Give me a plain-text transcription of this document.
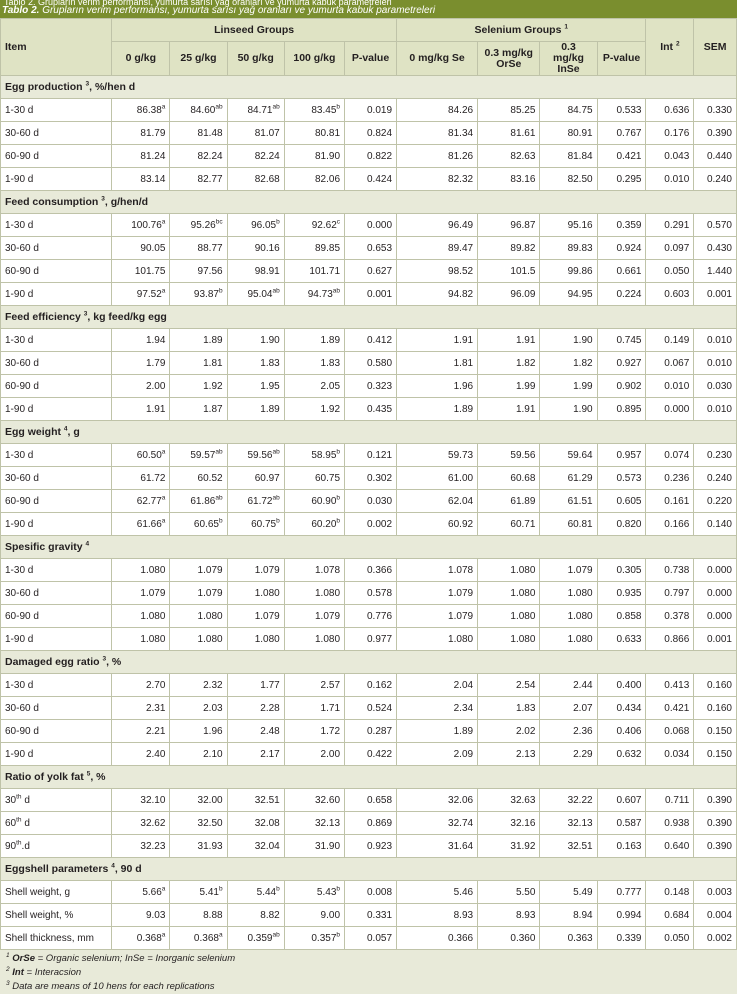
Tablo 2. Grupların verim performansı, yumurta sarısı yağ oranları ve yumurta kabuk parametreleri
Item	Linseed Groups					Selenium Groups $^1$				Int $^2$	SEM
	0 g/kg	25 g/kg	50 g/kg	100 g/kg	P-value	0 mg/kg Se	0.3 mg/kg OrSe	0.3 mg/kg InSe	P-value		
Egg production $^3$, %/hen d											
1-30 d	86.38$^a$	84.60$^{ab}$	84.71$^{ab}$	83.45$^b$	0.019	84.26	85.25	84.75	0.533	0.636	0.330
30-60 d	81.79	81.48	81.07	80.81	0.824	81.34	81.61	80.91	0.767	0.176	0.390
60-90 d	81.24	82.24	82.24	81.90	0.822	81.26	82.63	81.84	0.421	0.043	0.440
1-90 d	83.14	82.77	82.68	82.06	0.424	82.32	83.16	82.50	0.295	0.010	0.240
Feed consumption $^3$, g/hen/d											
1-30 d	100.76$^a$	95.26$^{bc}$	96.05$^b$	92.62$^c$	0.000	96.49	96.87	95.16	0.359	0.291	0.570
30-60 d	90.05	88.77	90.16	89.85	0.653	89.47	89.82	89.83	0.924	0.097	0.430
60-90 d	101.75	97.56	98.91	101.71	0.627	98.52	101.5	99.86	0.661	0.050	1.440
1-90 d	97.52$^a$	93.87$^b$	95.04$^{ab}$	94.73$^{ab}$	0.001	94.82	96.09	94.95	0.224	0.603	0.001
Feed efficiency $^3$, kg feed/kg egg											
1-30 d	1.94	1.89	1.90	1.89	0.412	1.91	1.91	1.90	0.745	0.149	0.010
30-60 d	1.79	1.81	1.83	1.83	0.580	1.81	1.82	1.82	0.927	0.067	0.010
60-90 d	2.00	1.92	1.95	2.05	0.323	1.96	1.99	1.99	0.902	0.010	0.030
1-90 d	1.91	1.87	1.89	1.92	0.435	1.89	1.91	1.90	0.895	0.000	0.010
Egg weight $^4$, g											
1-30 d	60.50$^a$	59.57$^{ab}$	59.56$^{ab}$	58.95$^b$	0.121	59.73	59.56	59.64	0.957	0.074	0.230
30-60 d	61.72	60.52	60.97	60.75	0.302	61.00	60.68	61.29	0.573	0.236	0.240
60-90 d	62.77$^a$	61.86$^{ab}$	61.72$^{ab}$	60.90$^b$	0.030	62.04	61.89	61.51	0.605	0.161	0.220
1-90 d	61.66$^a$	60.65$^b$	60.75$^b$	60.20$^b$	0.002	60.92	60.71	60.81	0.820	0.166	0.140
Spesific gravity $^4$
1-30 d	1.080	1.079	1.079	1.078	0.366	1.078	1.080	1.079	0.305	0.738	0.000
30-60 d	1.079	1.079	1.080	1.080	0.578	1.079	1.080	1.080	0.935	0.797	0.000
60-90 d	1.080	1.080	1.079	1.079	0.776	1.079	1.080	1.080	0.858	0.378	0.000
1-90 d	1.080	1.080	1.080	1.080	0.977	1.080	1.080	1.080	0.633	0.866	0.001
Damaged egg ratio $^3$, %											
1-30 d	2.70	2.32	1.77	2.57	0.162	2.04	2.54	2.44	0.400	0.413	0.160
30-60 d	2.31	2.03	2.28	1.71	0.524	2.34	1.83	2.07	0.434	0.421	0.160
60-90 d	2.21	1.96	2.48	1.72	0.287	1.89	2.02	2.36	0.406	0.068	0.150
1-90 d	2.40	2.10	2.17	2.00	0.422	2.09	2.13	2.29	0.632	0.034	0.150
Ratio of yolk fat $^5$, %											
30th d	32.10	32.00	32.51	32.60	0.658	32.06	32.63	32.22	0.607	0.711	0.390
60th d	32.62	32.50	32.08	32.13	0.869	32.74	32.16	32.13	0.587	0.938	0.390
90th.d	32.23	31.93	32.04	31.90	0.923	31.64	31.92	32.51	0.163	0.640	0.390
Eggshell parameters $^4$, 90 d											
Shell weight, g	5.66$^a$	5.41$^b$	5.44$^b$	5.43$^b$	0.008	5.46	5.50	5.49	0.777	0.148	0.003
Shell weight, %	9.03	8.88	8.82	9.00	0.331	8.93	8.93	8.94	0.994	0.684	0.004
Shell thickness, mm	0.368$^a$	0.368$^a$	0.359$^{ab}$	0.357$^b$	0.057	0.366	0.360	0.363	0.339	0.050	0.002
$^1$ OrSe = Organic selenium; InSe = Inorganic selenium
$^2$ Int = Interacsion
$^3$ Data are means of 10 hens for each replications
